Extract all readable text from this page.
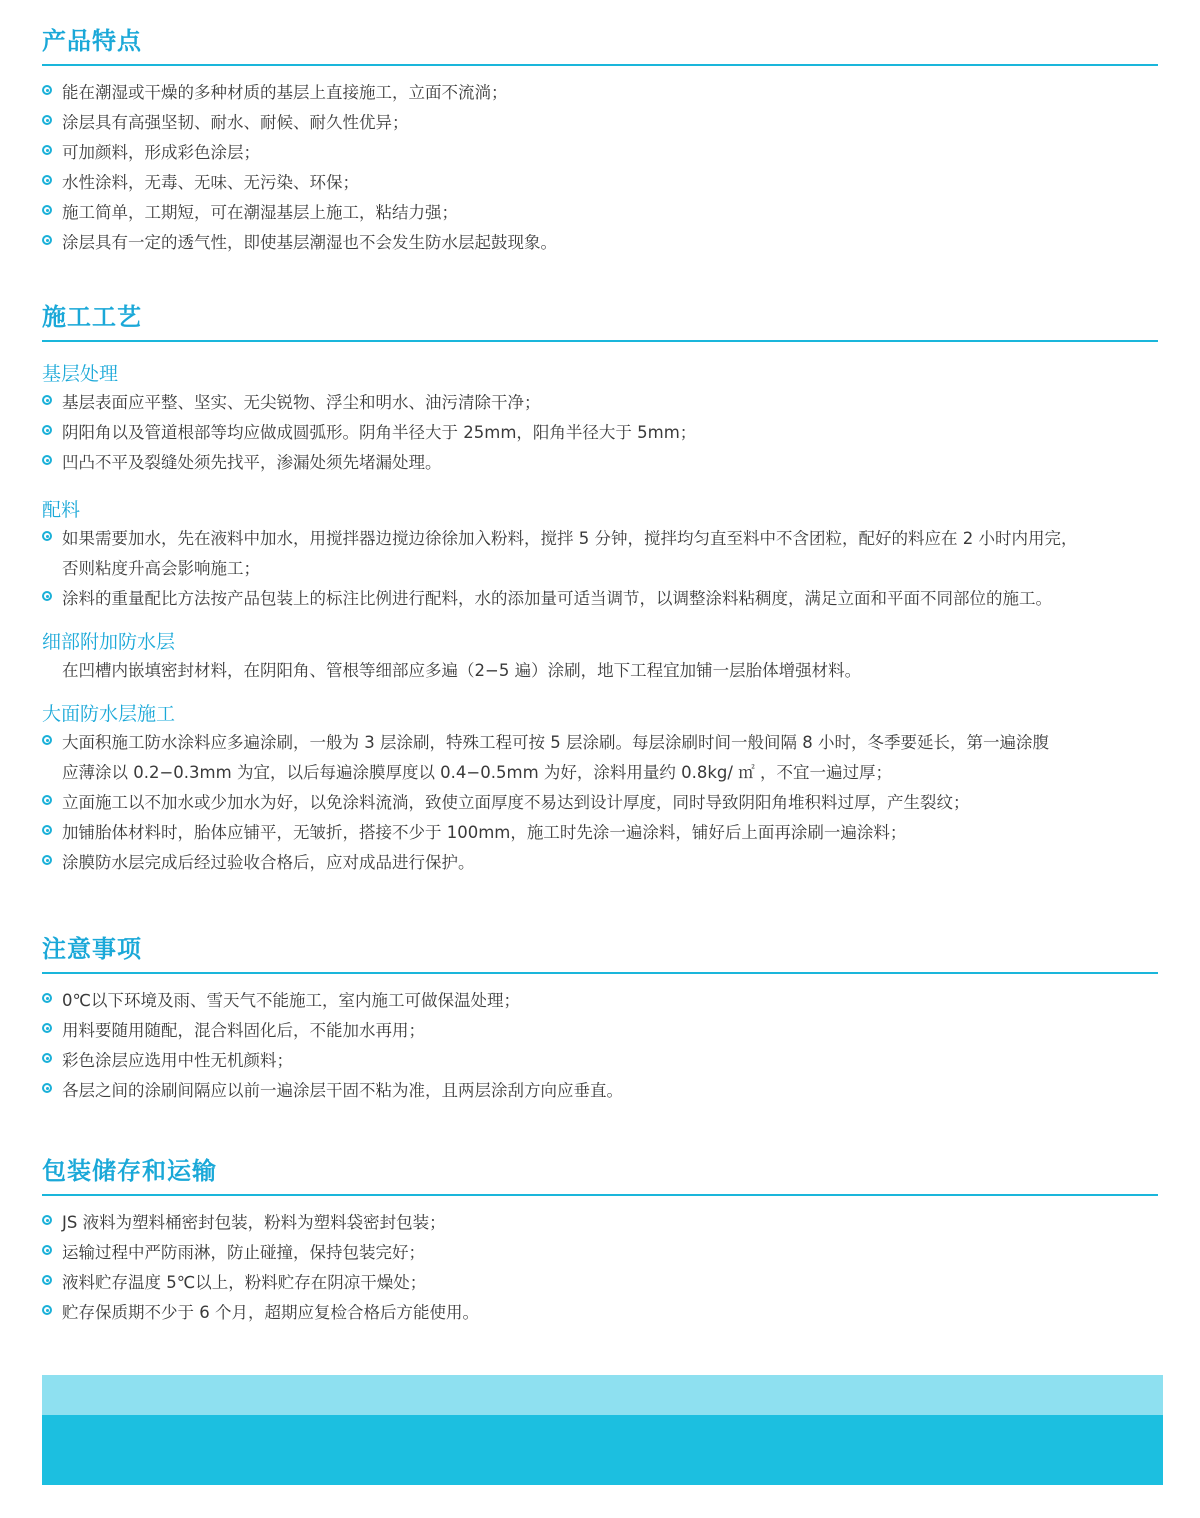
产品特点
能在潮湿或干燥的多种材质的基层上直接施工，立面不流淌；
涂层具有高强坚韧、耐水、耐候、耐久性优异；
可加颜料，形成彩色涂层；
水性涂料，无毒、无味、无污染、环保；
施工简单，工期短，可在潮湿基层上施工，粘结力强；
涂层具有一定的透气性，即使基层潮湿也不会发生防水层起鼓现象。
施工工艺
基层处理
基层表面应平整、坚实、无尖锐物、浮尘和明水、油污清除干净；
阴阳角以及管道根部等均应做成圆弧形。阴角半径大于 25mm，阳角半径大于 5mm；
凹凸不平及裂缝处须先找平，渗漏处须先堵漏处理。
配料
如果需要加水，先在液料中加水，用搅拌器边搅边徐徐加入粉料，搅拌 5 分钟，搅拌均匀直至料中不含团粒，配好的料应在 2 小时内用完，
否则粘度升高会影响施工；
涂料的重量配比方法按产品包装上的标注比例进行配料，水的添加量可适当调节，以调整涂料粘稠度，满足立面和平面不同部位的施工。
细部附加防水层
在凹槽内嵌填密封材料，在阴阳角、管根等细部应多遍（2−5 遍）涂刷，地下工程宜加铺一层胎体增强材料。
大面防水层施工
大面积施工防水涂料应多遍涂刷，一般为 3 层涂刷，特殊工程可按 5 层涂刷。每层涂刷时间一般间隔 8 小时，冬季要延长，第一遍涂腹
应薄涂以 0.2−0.3mm 为宜，以后每遍涂膜厚度以 0.4−0.5mm 为好，涂料用量约 0.8kg/ ㎡ ，不宜一遍过厚；
立面施工以不加水或少加水为好，以免涂料流淌，致使立面厚度不易达到设计厚度，同时导致阴阳角堆积料过厚，产生裂纹；
加铺胎体材料时，胎体应铺平，无皱折，搭接不少于 100mm，施工时先涂一遍涂料，铺好后上面再涂刷一遍涂料；
涂膜防水层完成后经过验收合格后，应对成品进行保护。
注意事项
0℃以下环境及雨、雪天气不能施工，室内施工可做保温处理；
用料要随用随配，混合料固化后，不能加水再用；
彩色涂层应选用中性无机颜料；
各层之间的涂刷间隔应以前一遍涂层干固不粘为准，且两层涂刮方向应垂直。
包装储存和运输
JS 液料为塑料桶密封包装，粉料为塑料袋密封包装；
运输过程中严防雨淋，防止碰撞，保持包装完好；
液料贮存温度 5℃以上，粉料贮存在阴凉干燥处；
贮存保质期不少于 6 个月，超期应复检合格后方能使用。
